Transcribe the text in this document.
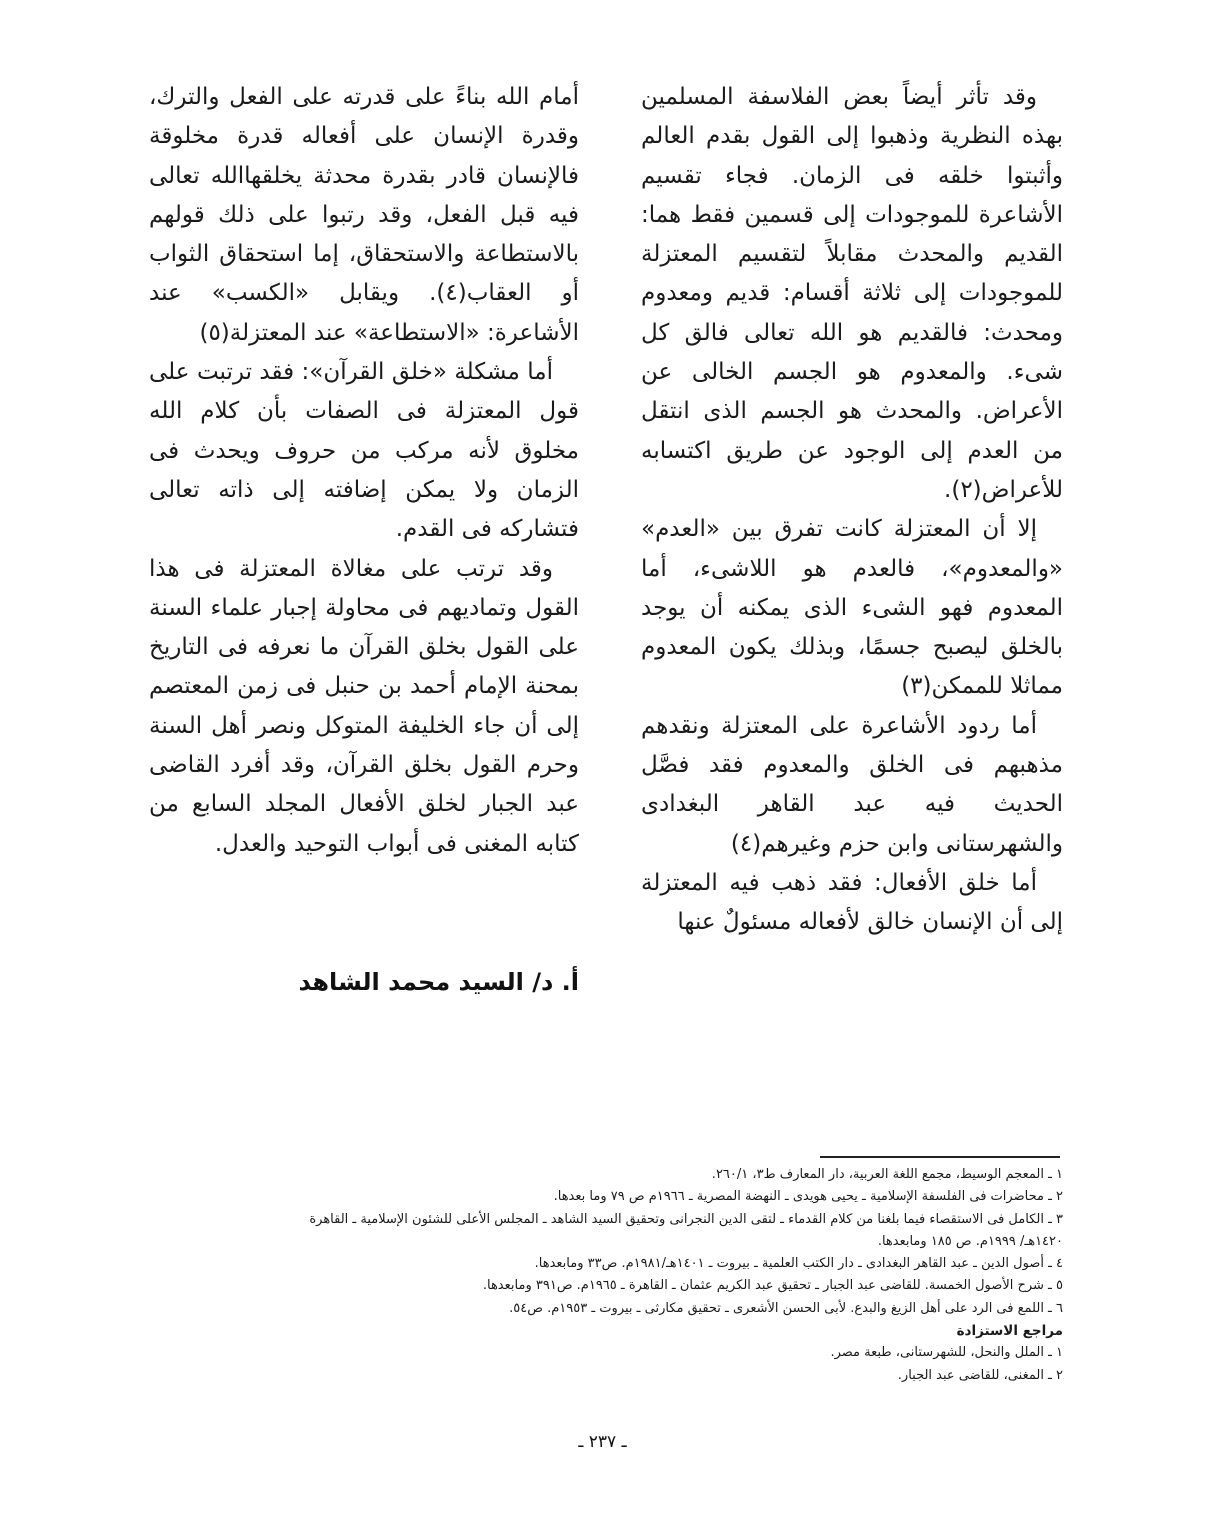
وقد تأثر أيضاً بعض الفلاسفة المسلمين بهذه النظرية وذهبوا إلى القول بقدم العالم وأثبتوا خلقه فى الزمان. فجاء تقسيم الأشاعرة للموجودات إلى قسمين فقط هما: القديم والمحدث مقابلاً لتقسيم المعتزلة للموجودات إلى ثلاثة أقسام: قديم ومعدوم ومحدث: فالقديم هو الله تعالى فالق كل شىء. والمعدوم هو الجسم الخالى عن الأعراض. والمحدث هو الجسم الذى انتقل من العدم إلى الوجود عن طريق اكتسابه للأعراض(٢).

إلا أن المعتزلة كانت تفرق بين «العدم» «والمعدوم»، فالعدم هو اللاشىء، أما المعدوم فهو الشىء الذى يمكنه أن يوجد بالخلق ليصبح جسمًا، وبذلك يكون المعدوم مماثلا للممكن(٣)

أما ردود الأشاعرة على المعتزلة ونقدهم مذهبهم فى الخلق والمعدوم فقد فصَّل الحديث فيه عبد القاهر البغدادى والشهرستانى وابن حزم وغيرهم(٤)

أما خلق الأفعال: فقد ذهب فيه المعتزلة إلى أن الإنسان خالق لأفعاله مسئولٌ عنها

أمام الله بناءً على قدرته على الفعل والترك، وقدرة الإنسان على أفعاله قدرة مخلوقة فالإنسان قادر بقدرة محدثة يخلقهاالله تعالى فيه قبل الفعل، وقد رتبوا على ذلك قولهم بالاستطاعة والاستحقاق، إما استحقاق الثواب أو العقاب(٤). ويقابل «الكسب» عند الأشاعرة: «الاستطاعة» عند المعتزلة(٥)

أما مشكلة «خلق القرآن»: فقد ترتبت على قول المعتزلة فى الصفات بأن كلام الله مخلوق لأنه مركب من حروف ويحدث فى الزمان ولا يمكن إضافته إلى ذاته تعالى فتشاركه فى القدم.

وقد ترتب على مغالاة المعتزلة فى هذا القول وتماديهم فى محاولة إجبار علماء السنة على القول بخلق القرآن ما نعرفه فى التاريخ بمحنة الإمام أحمد بن حنبل فى زمن المعتصم إلى أن جاء الخليفة المتوكل ونصر أهل السنة وحرم القول بخلق القرآن، وقد أفرد القاضى عبد الجبار لخلق الأفعال المجلد السابع من كتابه المغنى فى أبواب التوحيد والعدل.

أ. د/ السيد محمد الشاهد

١ ـ المعجم الوسيط، مجمع اللغة العربية، دار المعارف ط٣، ٢٦٠/١.

٢ ـ محاضرات فى الفلسفة الإسلامية ـ يحيى هويدى ـ النهضة المصرية ـ ١٩٦٦م ص ٧٩ وما بعدها.

٣ ـ الكامل فى الاستقصاء فيما بلغنا من كلام القدماء ـ لتقى الدين النجرانى وتحقيق السيد الشاهد ـ المجلس الأعلى للشئون الإسلامية ـ القاهرة

١٤٢٠هـ/ ١٩٩٩م. ص ١٨٥ ومابعدها.

٤ ـ أصول الدين ـ عبد القاهر البغدادى ـ دار الكتب العلمية ـ بيروت ـ ١٤٠١هـ/١٩٨١م. ص٣٣ ومابعدها.

٥ ـ شرح الأصول الخمسة. للقاضى عبد الجبار ـ تحقيق عبد الكريم عثمان ـ القاهرة ـ ١٩٦٥م. ص٣٩١ ومابعدها.

٦ ـ اللمع فى الرد على أهل الزيغ والبدع. لأبى الحسن الأشعرى ـ تحقيق مكارثى ـ بيروت ـ ١٩٥٣م. ص٥٤.

مراجع الاستزادة

١ ـ الملل والنحل، للشهرستانى، طبعة مصر.

٢ ـ المغنى، للقاضى عبد الجبار.

ـ ٢٣٧ ـ
